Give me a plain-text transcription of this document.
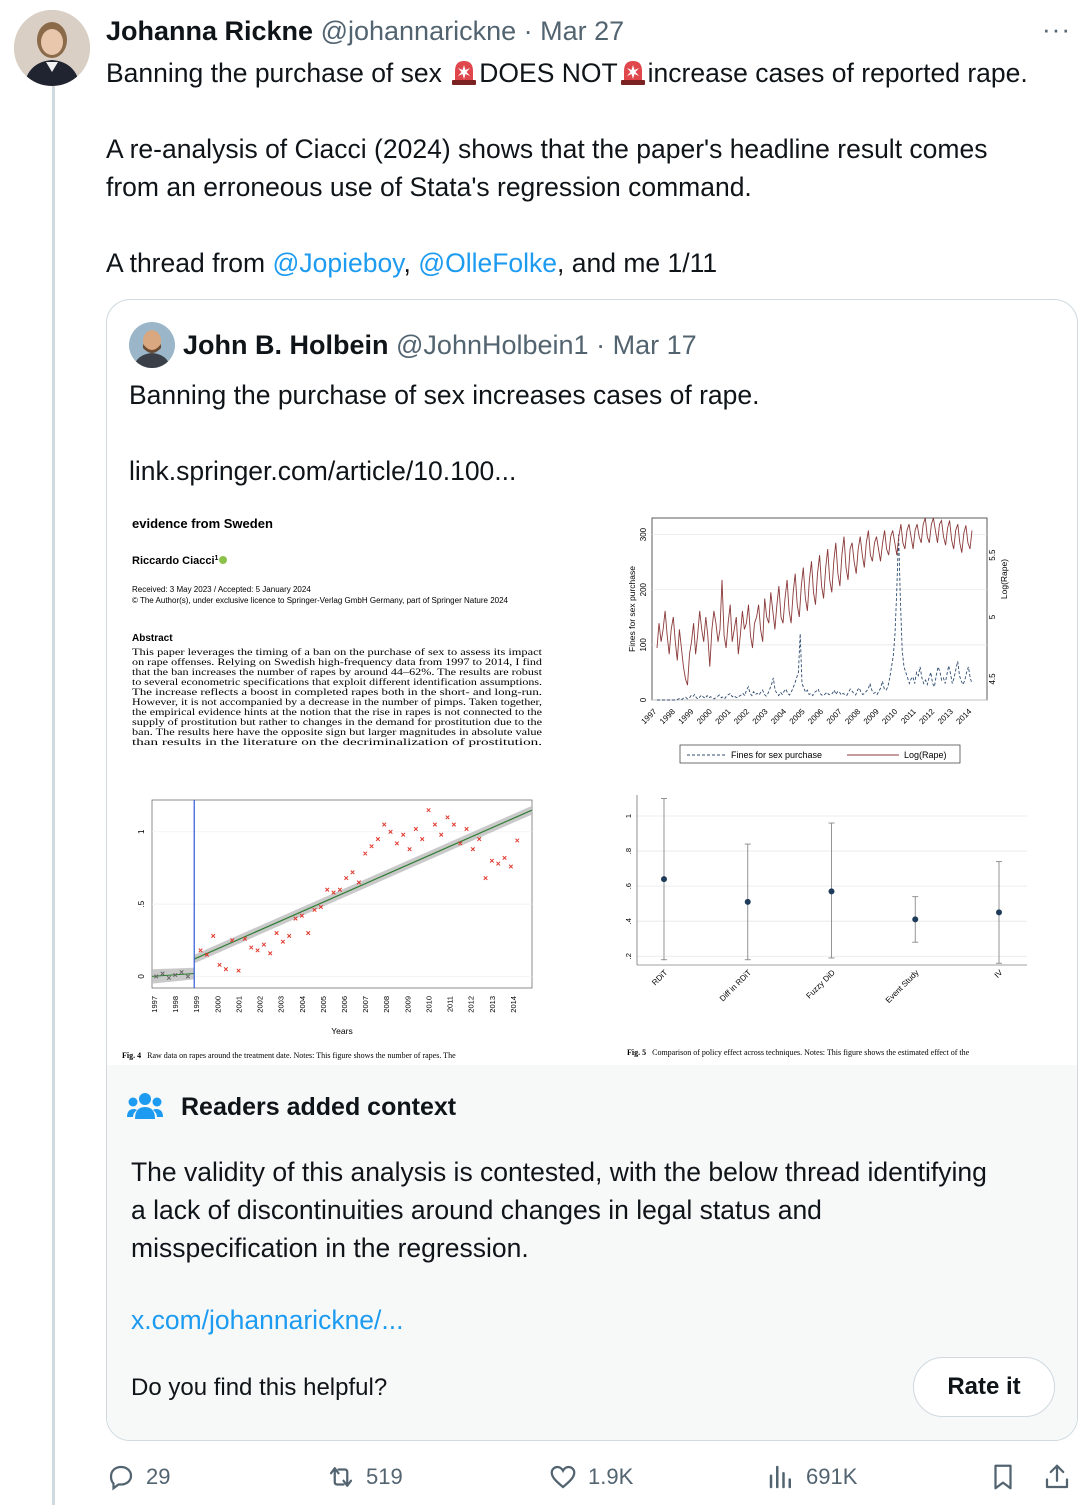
Johanna Rickne @johannarickne · Mar 27	···

Banning the purchase of sex DOES NOT increase cases of reported rape.

A re-analysis of Ciacci (2024) shows that the paper's headline result comes

from an erroneous use of Stata's regression command.

A thread from @Jopieboy, @OlleFolke, and me 1/11

John B. Holbein @JohnHolbein1 · Mar 17

Banning the purchase of sex increases cases of rape.

link.springer.com/article/10.100...

evidence from Sweden
Riccardo Ciacci$^1$
Received: 3 May 2023 / Accepted: 5 January 2024
© The Author(s), under exclusive licence to Springer-Verlag GmbH Germany, part of Springer Nature 2024
Abstract
This paper leverages the timing of a ban on the purchase of sex to assess its impact
on rape offenses. Relying on Swedish high-frequency data from 1997 to 2014, I find
that the ban increases the number of rapes by around 44–62%. The results are robust
to several econometric specifications that exploit different identification assumptions.
The increase reflects a boost in completed rapes both in the short- and long-run.
However, it is not accompanied by a decrease in the number of pimps. Taken together,
the empirical evidence hints at the notion that the rise in rapes is not connected to the
supply of prostitution but rather to changes in the demand for prostitution due to the
ban. The results here have the opposite sign but larger magnitudes in absolute value
than results in the literature on the decriminalization of prostitution.
0
100
200
300
Fines for sex purchase
4.5
5
5.5
Log(Rape)
1997 1998 1999 2000 2001 2002 2003 2004 2005 2006 2007 2008 2009 2010 2011 2012 2013 2014
Fines for sex purchase	Log(Rape)
0
.5
1
1997 1998 1999 2000 2001 2002 2003 2004 2005 2006 2007 2008 2009 2010 2011 2012 2013 2014
Years
.2
.4
.6
.8
1
RDiT	Diff in RDiT	Fuzzy DiD	Event Study	IV
Fig. 4 Raw data on rapes around the treatment date. Notes: This figure shows the number of rapes. The	Fig. 5 Comparison of policy effect across techniques. Notes: This figure shows the estimated effect of the
Readers added context
The validity of this analysis is contested, with the below thread identifying
a lack of discontinuities around changes in legal status and
misspecification in the regression.
x.com/johannarickne/...
Do you find this helpful?	Rate it
29	519	1.9K	691K
